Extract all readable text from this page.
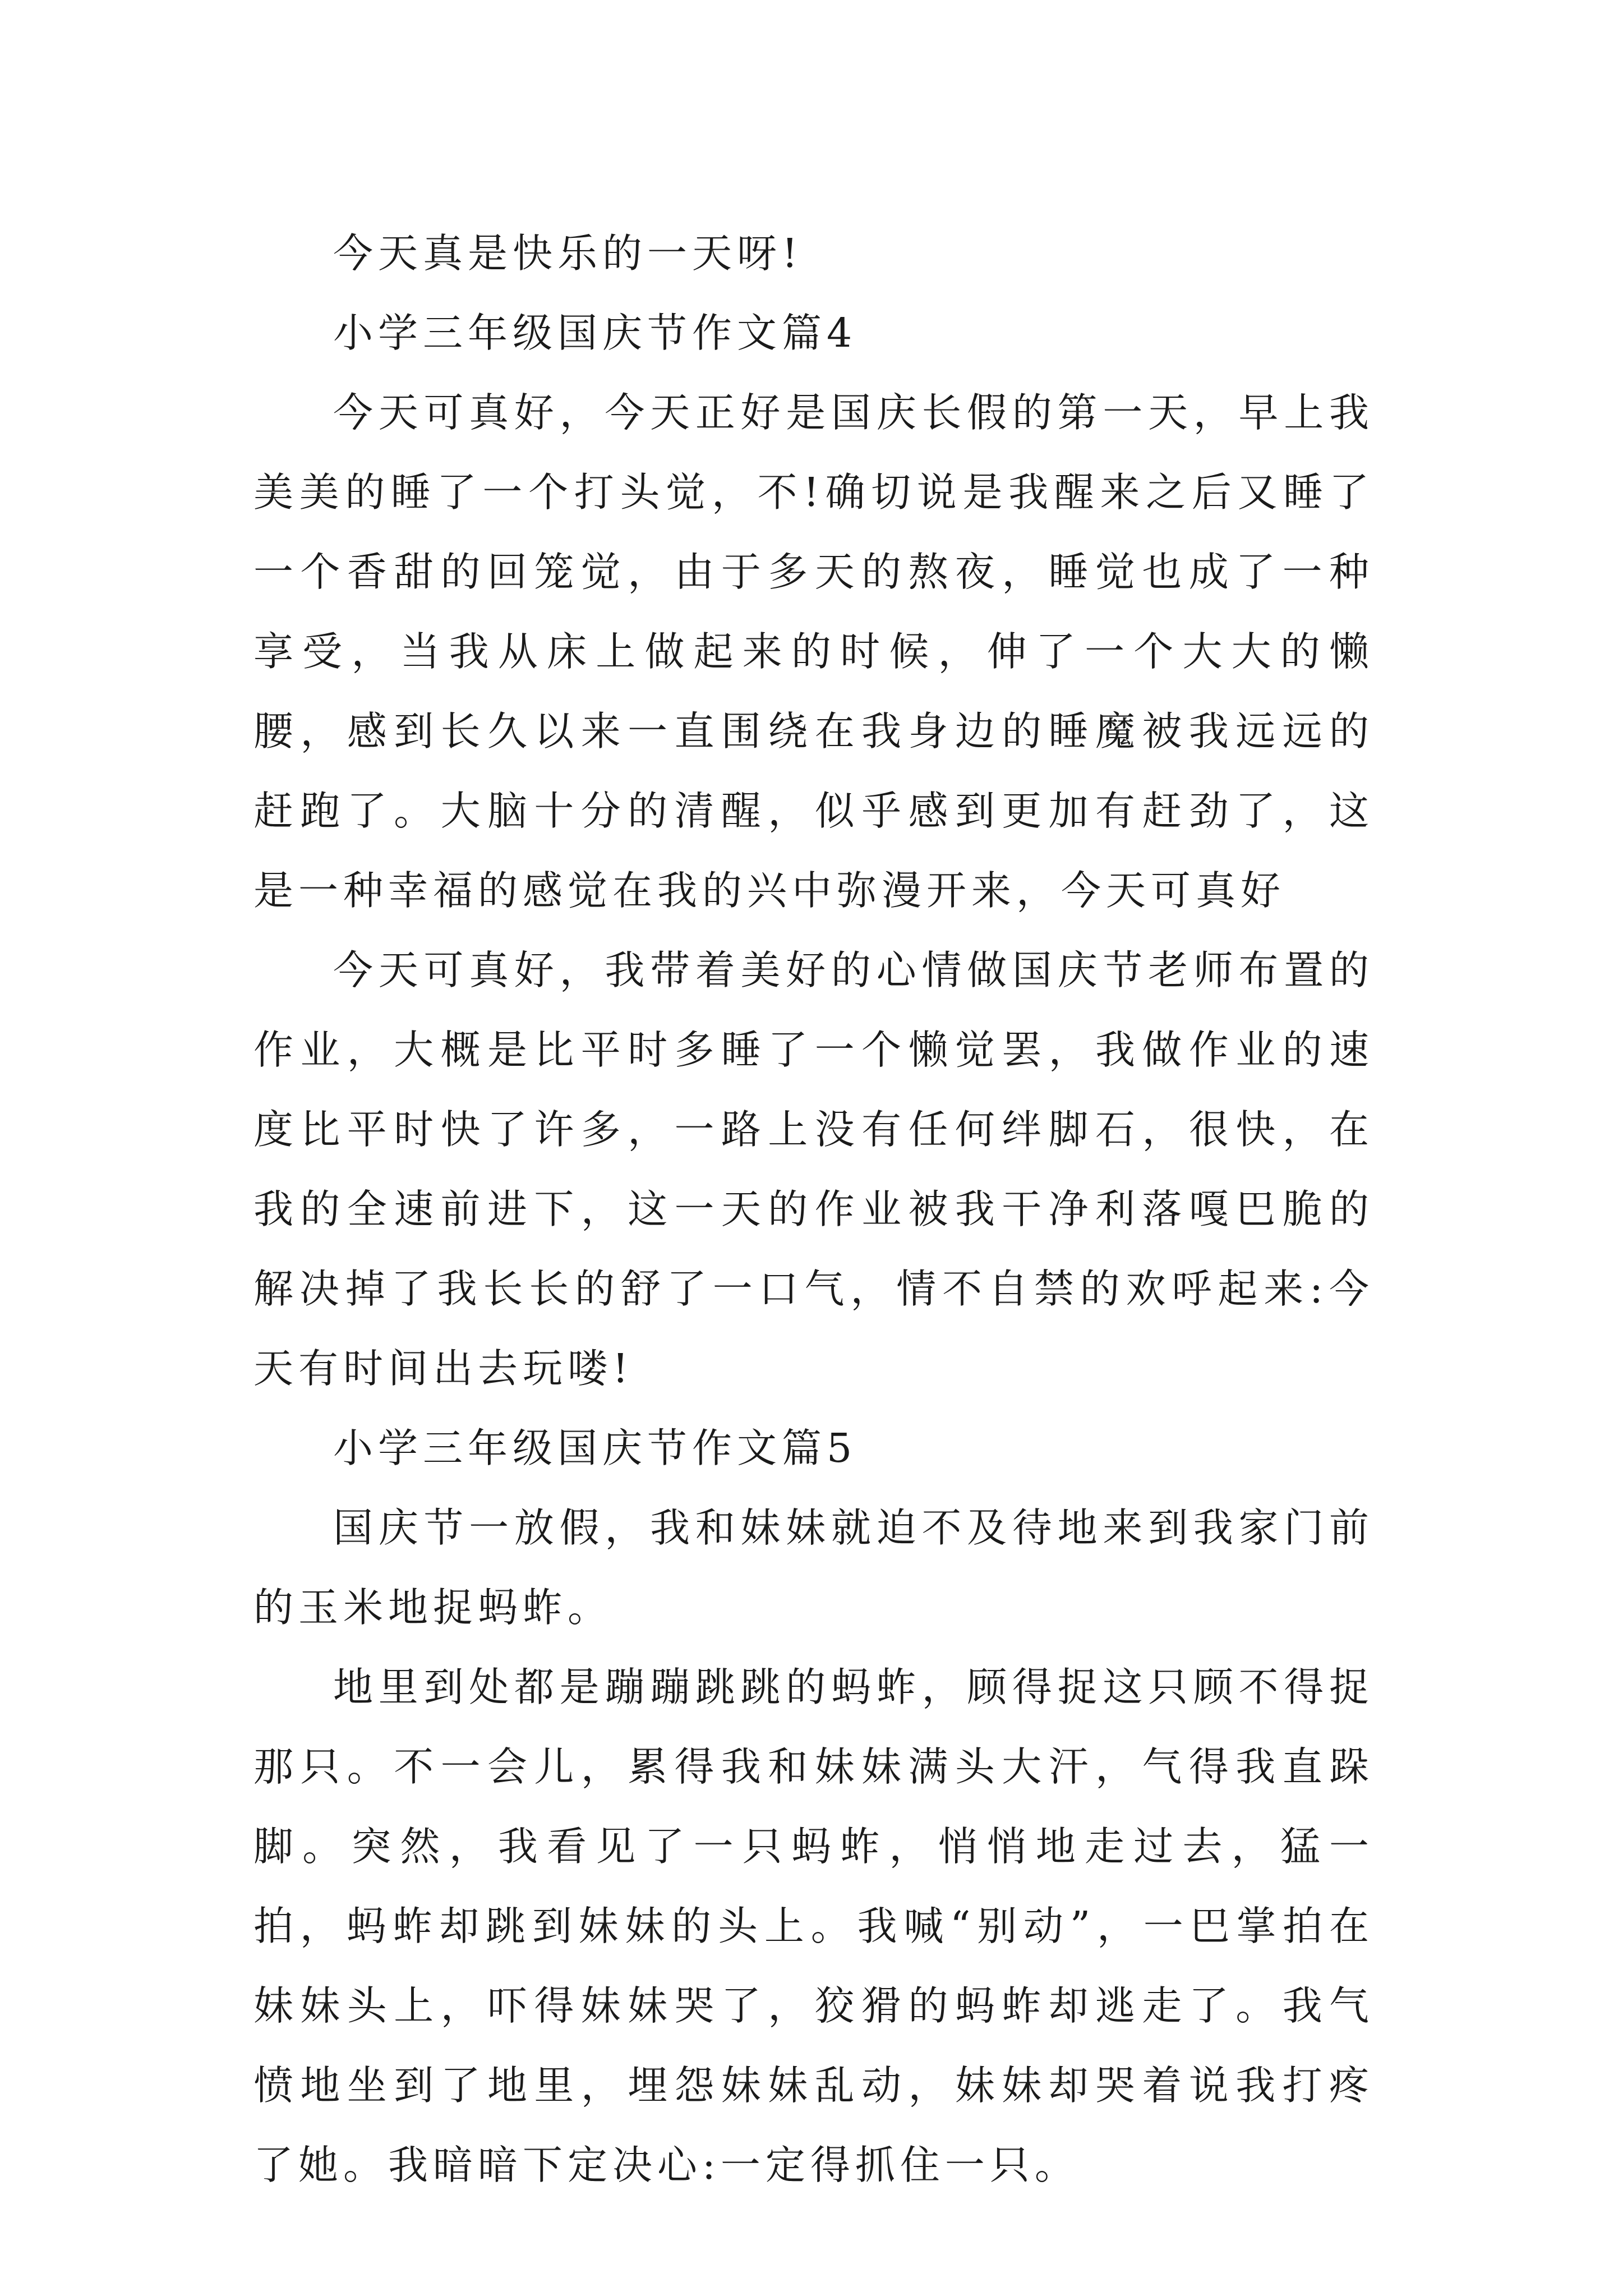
今天真是快乐的一天呀!

小学三年级国庆节作文篇4

今天可真好，今天正好是国庆长假的第一天，早上我美美的睡了一个打头觉，不!确切说是我醒来之后又睡了一个香甜的回笼觉，由于多天的熬夜，睡觉也成了一种享受，当我从床上做起来的时候，伸了一个大大的懒腰，感到长久以来一直围绕在我身边的睡魔被我远远的赶跑了。大脑十分的清醒，似乎感到更加有赶劲了，这是一种幸福的感觉在我的兴中弥漫开来，今天可真好

今天可真好，我带着美好的心情做国庆节老师布置的作业，大概是比平时多睡了一个懒觉罢，我做作业的速度比平时快了许多，一路上没有任何绊脚石，很快，在我的全速前进下，这一天的作业被我干净利落嘎巴脆的解决掉了我长长的舒了一口气，情不自禁的欢呼起来:今天有时间出去玩喽!

小学三年级国庆节作文篇5

国庆节一放假，我和妹妹就迫不及待地来到我家门前的玉米地捉蚂蚱。

地里到处都是蹦蹦跳跳的蚂蚱，顾得捉这只顾不得捉那只。不一会儿，累得我和妹妹满头大汗，气得我直跺脚。突然，我看见了一只蚂蚱，悄悄地走过去，猛一拍，蚂蚱却跳到妹妹的头上。我喊“别动”，一巴掌拍在妹妹头上，吓得妹妹哭了，狡猾的蚂蚱却逃走了。我气愤地坐到了地里，埋怨妹妹乱动，妹妹却哭着说我打疼了她。我暗暗下定决心:一定得抓住一只。
